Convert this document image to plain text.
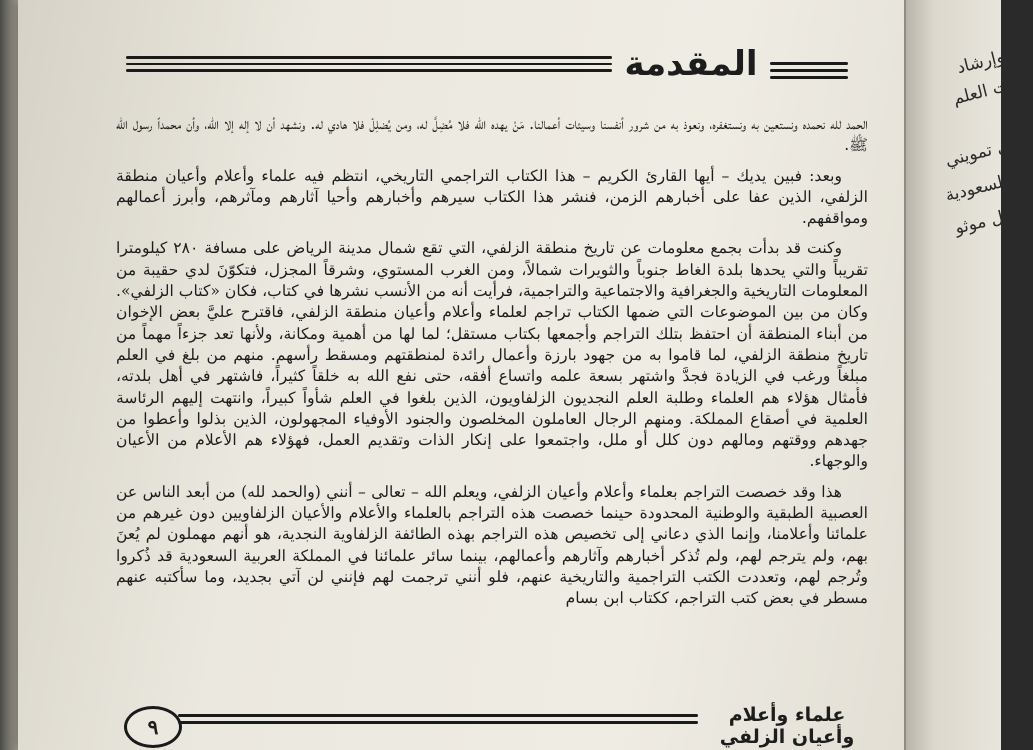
المقدمة

الحمد لله نحمده ونستعين به ونستغفره، ونعوذ به من شرور أنفسنا وسيئات أعمالنا. مَنْ يهده الله فلا مُضِلَّ له، ومن يُضلِلْ فلا هادي له. ونشهد أن لا إله إلا الله، وأن محمداً رسول الله ﷺ.

وبعد: فبين يديك – أيها القارئ الكريم – هذا الكتاب التراجمي التاريخي، انتظم فيه علماء وأعلام وأعيان منطقة الزلفي، الذين عفا على أخبارهم الزمن، فنشر هذا الكتاب سيرهم وأخبارهم وأحيا آثارهم ومآثرهم، وأبرز أعمالهم ومواقفهم.

وكنت قد بدأت بجمع معلومات عن تاريخ منطقة الزلفي، التي تقع شمال مدينة الرياض على مسافة ٢٨٠ كيلومترا تقريباً والتي يحدها بلدة الغاط جنوباً والثويرات شمالاً، ومن الغرب المستوي، وشرقاً المجزل، فتكوّنَ لدي حقيبة من المعلومات التاريخية والجغرافية والاجتماعية والتراجمية، فرأيت أنه من الأنسب نشرها في كتاب، فكان «كتاب الزلفي». وكان من بين الموضوعات التي ضمها الكتاب تراجم لعلماء وأعلام وأعيان منطقة الزلفي، فاقترح عليَّ بعض الإخوان من أبناء المنطقة أن احتفظ بتلك التراجم وأجمعها بكتاب مستقل؛ لما لها من أهمية ومكانة، ولأنها تعد جزءاً مهماً من تاريخ منطقة الزلفي، لما قاموا به من جهود بارزة وأعمال رائدة لمنطقتهم ومسقط رأسهم. منهم من بلغ في العلم مبلغاً ورغب في الزيادة فجدَّ واشتهر بسعة علمه واتساع أفقه، حتى نفع الله به خلقاً كثيراً، فاشتهر في أهل بلدته، فأمثال هؤلاء هم العلماء وطلبة العلم النجديون الزلفاويون، الذين بلغوا في العلم شأواً كبيراً، وانتهت إليهم الرئاسة العلمية في أصقاع المملكة. ومنهم الرجال العاملون المخلصون والجنود الأوفياء المجهولون، الذين بذلوا وأعطوا من جهدهم ووقتهم ومالهم دون كلل أو ملل، واجتمعوا على إنكار الذات وتقديم العمل، فهؤلاء هم الأعلام من الأعيان والوجهاء.

هذا وقد خصصت التراجم بعلماء وأعلام وأعيان الزلفي، ويعلم الله – تعالى – أنني (والحمد لله) من أبعد الناس عن العصبية الطبقية والوطنية المحدودة حينما خصصت هذه التراجم بالعلماء والأعلام والأعيان الزلفاويين دون غيرهم من علمائنا وأعلامنا، وإنما الذي دعاني إلى تخصيص هذه التراجم بهذه الطائفة الزلفاوية النجدية، هو أنهم مهملون لم يُعنَ بهم، ولم يترجم لهم، ولم تُذكر أخبارهم وآثارهم وأعمالهم، بينما سائر علمائنا في المملكة العربية السعودية قد ذُكروا وتُرجم لهم، وتعددت الكتب التراجمية والتاريخية عنهم، فلو أنني ترجمت لهم فإنني لن آتي بجديد، وما سأكتبه عنهم مسطر في بعض كتب التراجم، ككتاب ابن بسام

٩	علماء وأعلام وأعيان الزلفي
ماء وإرشاد
كتبات العلم
ه كل تمويني
بية السعودية
ة بكل موثو
